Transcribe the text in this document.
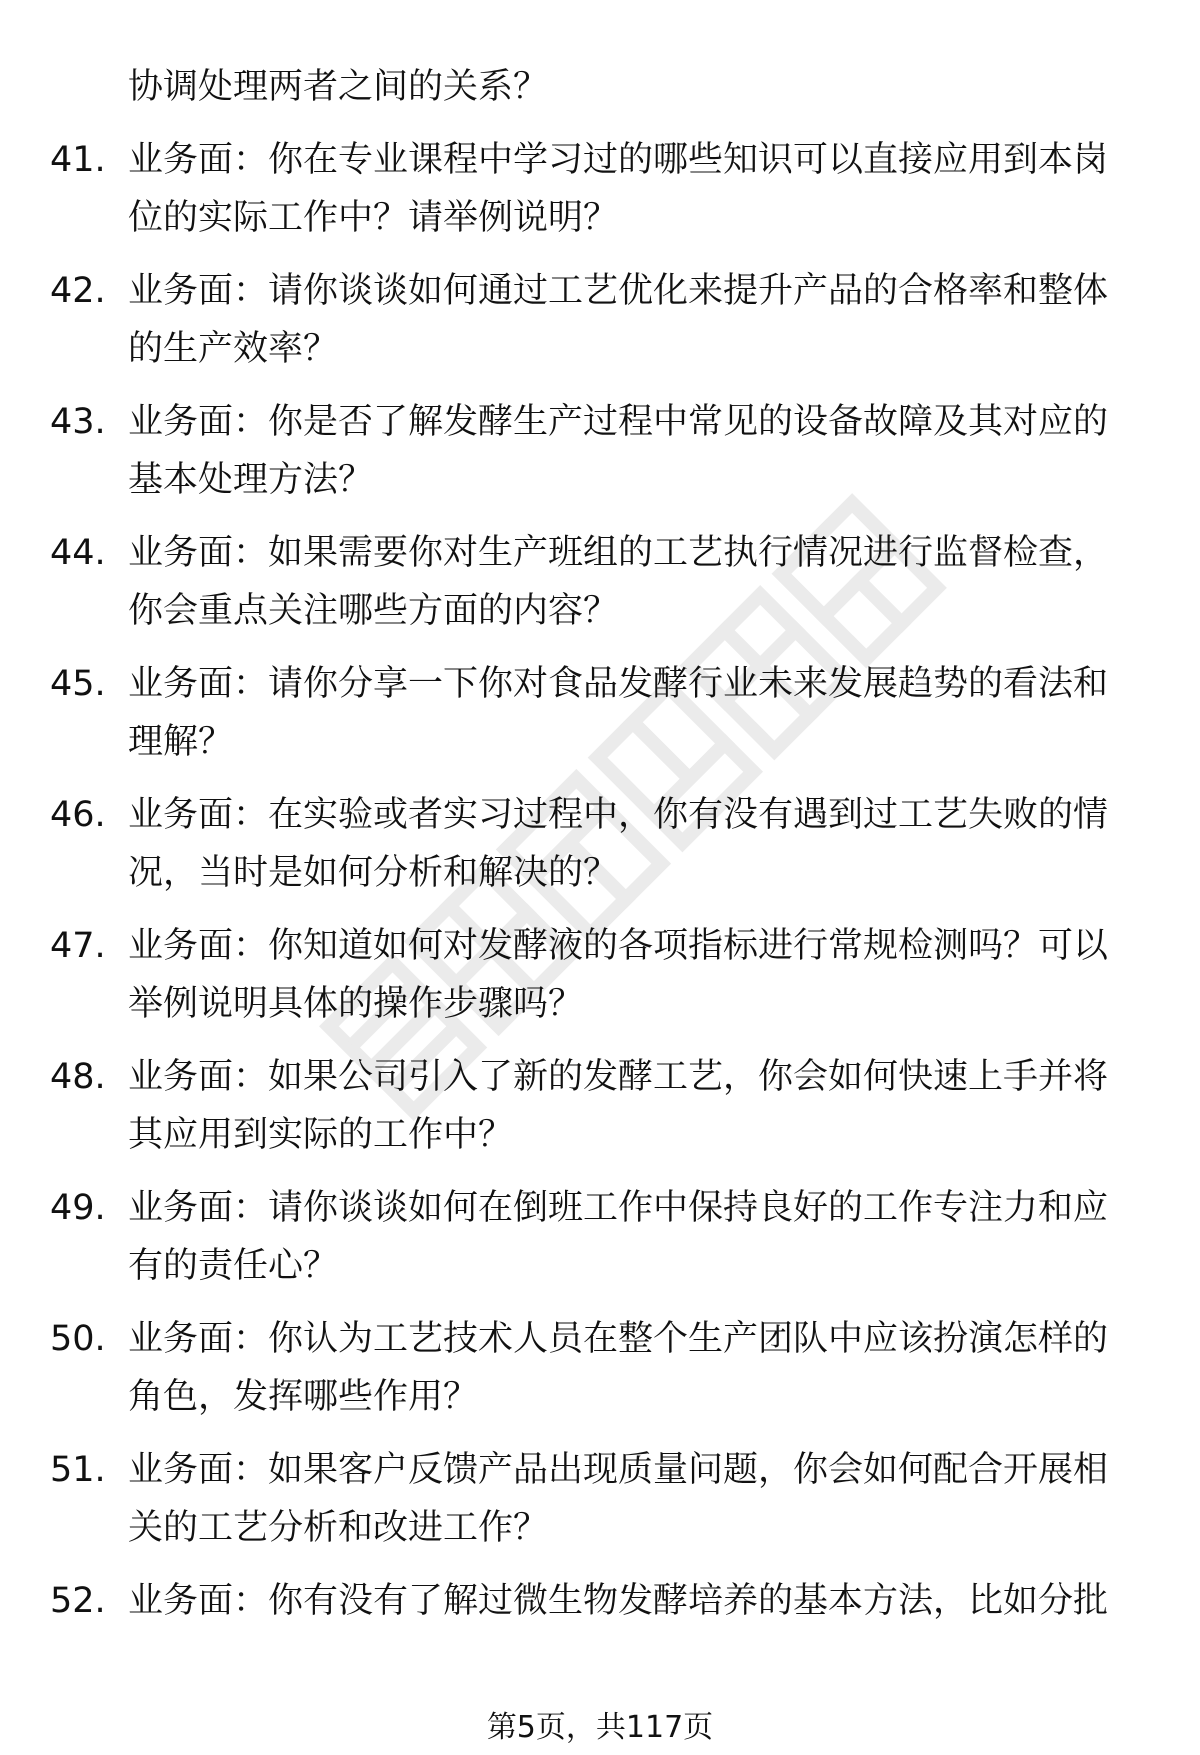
协调处理两者之间的关系？
41. 业务面：你在专业课程中学习过的哪些知识可以直接应用到本岗
位的实际工作中？请举例说明？
42. 业务面：请你谈谈如何通过工艺优化来提升产品的合格率和整体
的生产效率？
43. 业务面：你是否了解发酵生产过程中常见的设备故障及其对应的
基本处理方法？
44. 业务面：如果需要你对生产班组的工艺执行情况进行监督检查，
你会重点关注哪些方面的内容？
45. 业务面：请你分享一下你对食品发酵行业未来发展趋势的看法和
理解？
46. 业务面：在实验或者实习过程中，你有没有遇到过工艺失败的情
况，当时是如何分析和解决的？
47. 业务面：你知道如何对发酵液的各项指标进行常规检测吗？可以
举例说明具体的操作步骤吗？
48. 业务面：如果公司引入了新的发酵工艺，你会如何快速上手并将
其应用到实际的工作中？
49. 业务面：请你谈谈如何在倒班工作中保持良好的工作专注力和应
有的责任心？
50. 业务面：你认为工艺技术人员在整个生产团队中应该扮演怎样的
角色，发挥哪些作用？
51. 业务面：如果客户反馈产品出现质量问题，你会如何配合开展相
关的工艺分析和改进工作？
52. 业务面：你有没有了解过微生物发酵培养的基本方法，比如分批
第5页，共117页
